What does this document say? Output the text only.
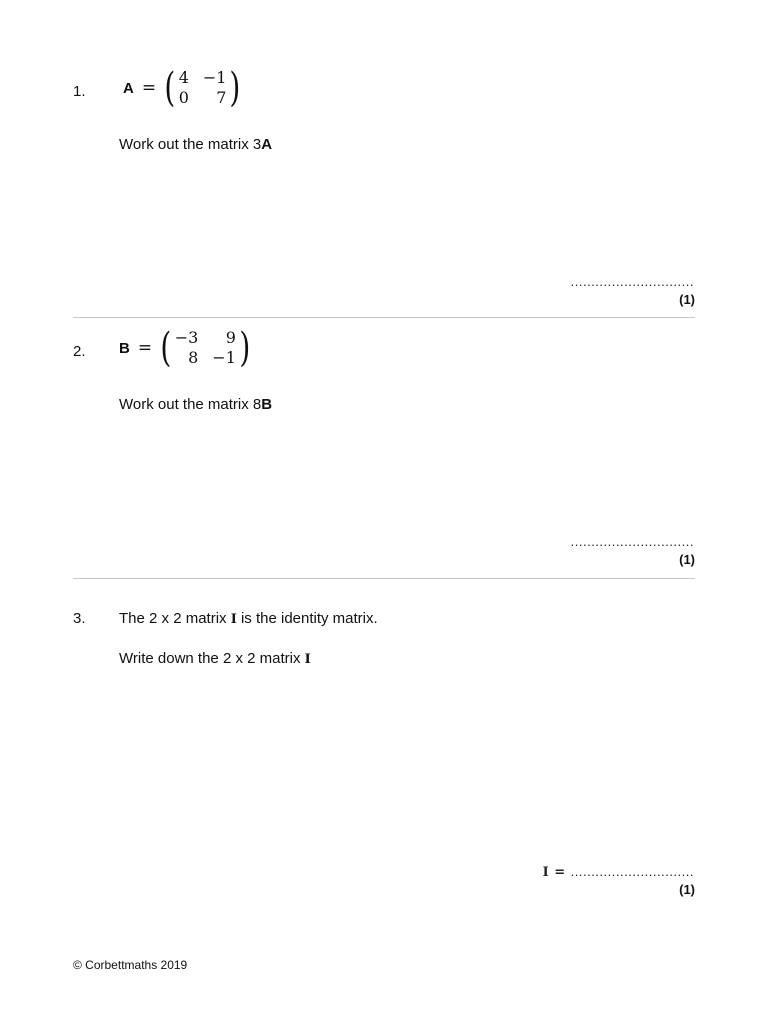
1. A = ( 4 −1
0	7 )
Work out the matrix 3A
..............................
(1)
2. B = ( −3	9
8 −1 )
Work out the matrix 8B
..............................
(1)
3. The 2 x 2 matrix I is the identity matrix.
Write down the 2 x 2 matrix I
I = ..............................
(1)
© Corbettmaths 2019
